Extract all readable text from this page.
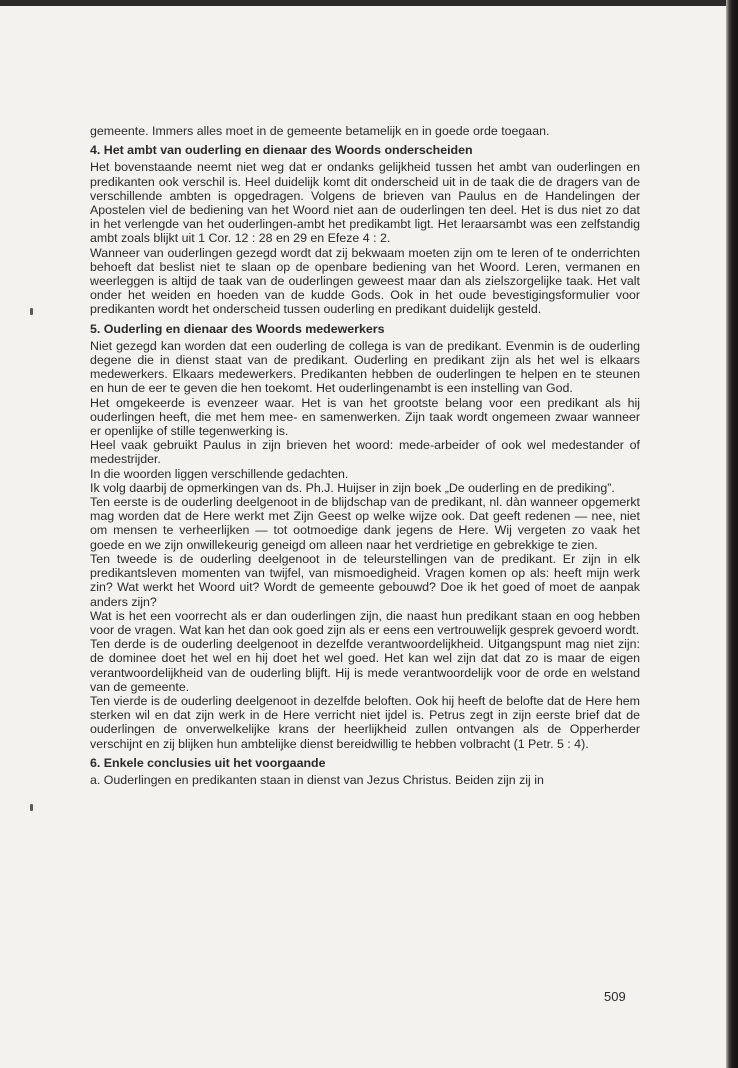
gemeente. Immers alles moet in de gemeente betamelijk en in goede orde toegaan.

4. Het ambt van ouderling en dienaar des Woords onderscheiden

Het bovenstaande neemt niet weg dat er ondanks gelijkheid tussen het ambt van ouderlingen en predikanten ook verschil is. Heel duidelijk komt dit onderscheid uit in de taak die de dragers van de verschillende ambten is opgedragen. Volgens de brieven van Paulus en de Handelingen der Apostelen viel de bediening van het Woord niet aan de ouderlingen ten deel. Het is dus niet zo dat in het verlengde van het ouderlingen-ambt het predikambt ligt. Het leraarsambt was een zelfstandig ambt zoals blijkt uit 1 Cor. 12 : 28 en 29 en Efeze 4 : 2.

Wanneer van ouderlingen gezegd wordt dat zij bekwaam moeten zijn om te leren of te onderrichten behoeft dat beslist niet te slaan op de openbare bediening van het Woord. Leren, vermanen en weerleggen is altijd de taak van de ouderlingen geweest maar dan als zielszorgelijke taak. Het valt onder het weiden en hoeden van de kudde Gods. Ook in het oude bevestigingsformulier voor predikanten wordt het onderscheid tussen ouderling en predikant duidelijk gesteld.

5. Ouderling en dienaar des Woords medewerkers

Niet gezegd kan worden dat een ouderling de collega is van de predikant. Evenmin is de ouderling degene die in dienst staat van de predikant. Ouderling en predikant zijn als het wel is elkaars medewerkers. Elkaars medewerkers. Predikanten hebben de ouderlingen te helpen en te steunen en hun de eer te geven die hen toekomt. Het ouderlingenambt is een instelling van God.

Het omgekeerde is evenzeer waar. Het is van het grootste belang voor een predikant als hij ouderlingen heeft, die met hem mee- en samenwerken. Zijn taak wordt ongemeen zwaar wanneer er openlijke of stille tegenwerking is.

Heel vaak gebruikt Paulus in zijn brieven het woord: mede-arbeider of ook wel medestander of medestrijder.

In die woorden liggen verschillende gedachten.

Ik volg daarbij de opmerkingen van ds. Ph.J. Huijser in zijn boek „De ouderling en de prediking”.

Ten eerste is de ouderling deelgenoot in de blijdschap van de predikant, nl. dàn wanneer opgemerkt mag worden dat de Here werkt met Zijn Geest op welke wijze ook. Dat geeft redenen — nee, niet om mensen te verheerlijken — tot ootmoedige dank jegens de Here. Wij vergeten zo vaak het goede en we zijn onwillekeurig geneigd om alleen naar het verdrietige en gebrekkige te zien.

Ten tweede is de ouderling deelgenoot in de teleurstellingen van de predikant. Er zijn in elk predikantsleven momenten van twijfel, van mismoedigheid. Vragen komen op als: heeft mijn werk zin? Wat werkt het Woord uit? Wordt de gemeente gebouwd? Doe ik het goed of moet de aanpak anders zijn?

Wat is het een voorrecht als er dan ouderlingen zijn, die naast hun predikant staan en oog hebben voor de vragen. Wat kan het dan ook goed zijn als er eens een vertrouwelijk gesprek gevoerd wordt.

Ten derde is de ouderling deelgenoot in dezelfde verantwoordelijkheid. Uitgangspunt mag niet zijn: de dominee doet het wel en hij doet het wel goed. Het kan wel zijn dat dat zo is maar de eigen verantwoordelijkheid van de ouderling blijft. Hij is mede verantwoordelijk voor de orde en welstand van de gemeente.

Ten vierde is de ouderling deelgenoot in dezelfde beloften. Ook hij heeft de belofte dat de Here hem sterken wil en dat zijn werk in de Here verricht niet ijdel is. Petrus zegt in zijn eerste brief dat de ouderlingen de onverwelkelijke krans der heerlijkheid zullen ontvangen als de Opperherder verschijnt en zij blijken hun ambtelijke dienst bereidwillig te hebben volbracht (1 Petr. 5 : 4).

6. Enkele conclusies uit het voorgaande

a. Ouderlingen en predikanten staan in dienst van Jezus Christus. Beiden zijn zij in

509
